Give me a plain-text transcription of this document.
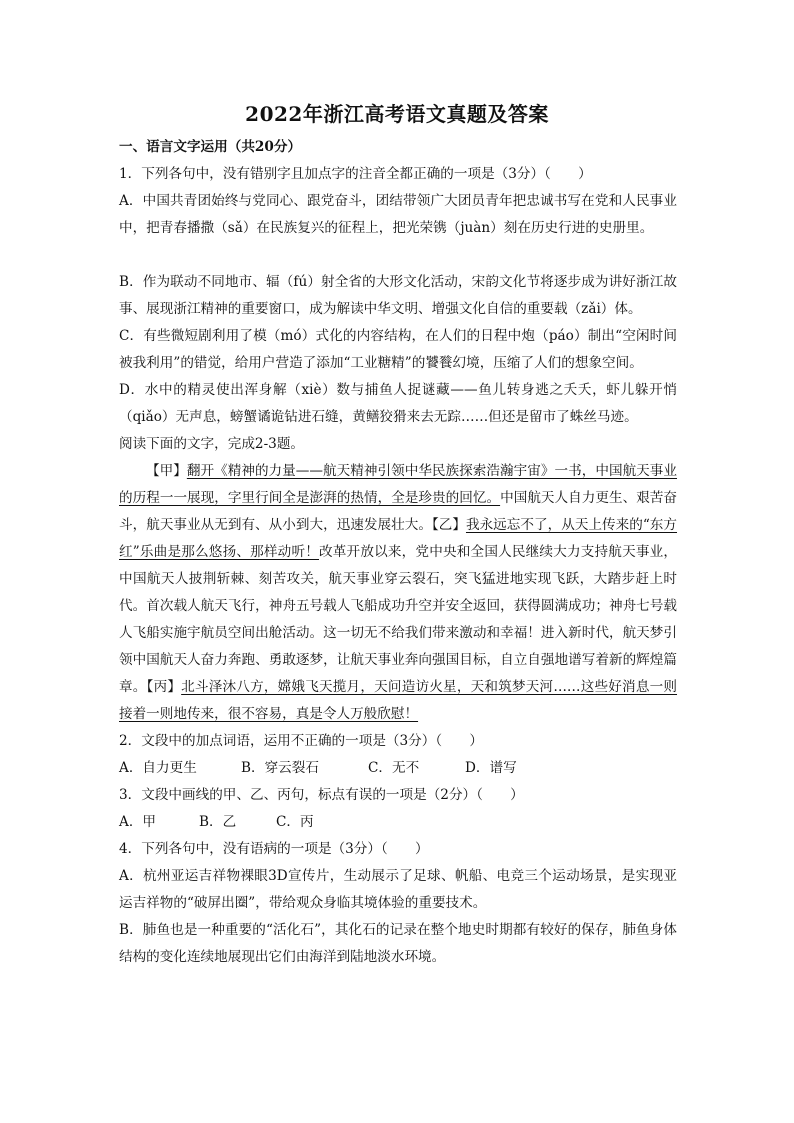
2022年浙江高考语文真题及答案

一、语言文字运用（共20分）

1．下列各句中，没有错别字且加点字的注音全都正确的一项是（3分）（　　）

A．中国共青团始终与党同心、跟党奋斗，团结带领广大团员青年把忠诚书写在党和人民事业中，把青春播撒（sǎ）在民族复兴的征程上，把光荣镌（juàn）刻在历史行进的史册里。

B．作为联动不同地市、辐（fú）射全省的大形文化活动，宋韵文化节将逐步成为讲好浙江故事、展现浙江精神的重要窗口，成为解读中华文明、增强文化自信的重要载（zǎi）体。

C．有些微短剧利用了模（mó）式化的内容结构，在人们的日程中炮（páo）制出“空闲时间被我利用”的错觉，给用户营造了添加“工业糖精”的饕餮幻境，压缩了人们的想象空间。

D．水中的精灵使出浑身解（xiè）数与捕鱼人捉谜藏——鱼儿转身逃之夭夭，虾儿躲开悄（qiǎo）无声息，螃蟹谲诡钻进石缝，黄鳝狡猾来去无踪……但还是留市了蛛丝马迹。

阅读下面的文字，完成2-3题。

【甲】翻开《精神的力量——航天精神引领中华民族探索浩瀚宇宙》一书，中国航天事业的历程一一展现，字里行间全是澎湃的热情，全是珍贵的回忆。中国航天人自力更生、艰苦奋斗，航天事业从无到有、从小到大，迅速发展壮大。【乙】我永远忘不了，从天上传来的“东方红”乐曲是那么悠扬、那样动听！改革开放以来，党中央和全国人民继续大力支持航天事业，中国航天人披荆斩棘、刻苦攻关，航天事业穿云裂石，突飞猛进地实现飞跃，大踏步赶上时代。首次载人航天飞行，神舟五号载人飞船成功升空并安全返回，获得圆满成功；神舟七号载人飞船实施宇航员空间出舱活动。这一切无不给我们带来激动和幸福！进入新时代，航天梦引领中国航天人奋力奔跑、勇敢逐梦，让航天事业奔向强国目标，自立自强地谱写着新的辉煌篇章。【丙】北斗泽沐八方，嫦娥飞天揽月，天问造访火星，天和筑梦天河……这些好消息一则接着一则地传来，很不容易，真是令人万般欣慰！

2．文段中的加点词语，运用不正确的一项是（3分）（　　）

A．自力更生	B．穿云裂石	C．无不	D．谱写

3．文段中画线的甲、乙、丙句，标点有误的一项是（2分）（　　）

A．甲	B．乙	C．丙

4．下列各句中，没有语病的一项是（3分）（　　）

A．杭州亚运吉祥物裸眼3D宣传片，生动展示了足球、帆船、电竞三个运动场景，是实现亚运吉祥物的“破屏出圈”，带给观众身临其境体验的重要技术。

B．肺鱼也是一种重要的“活化石”，其化石的记录在整个地史时期都有较好的保存，肺鱼身体结构的变化连续地展现出它们由海洋到陆地淡水环境。
